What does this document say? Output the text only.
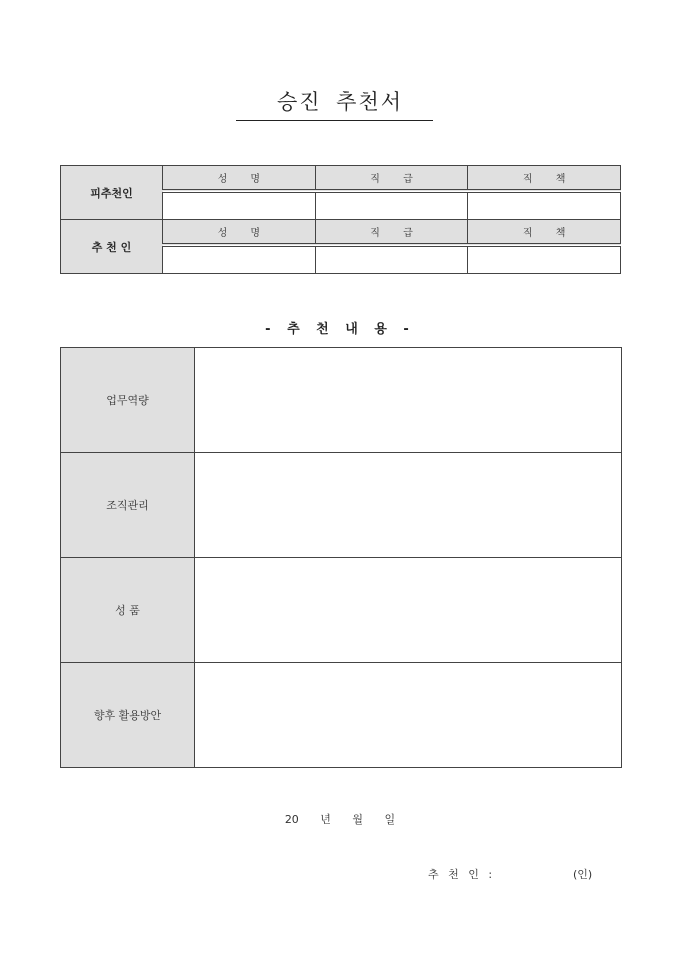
승진 추천서
피추천인	성 명	직 급	직 책

추 천 인	성 명	직 급	직 책

- 추 천 내 용 -
업무역량	
조직관리	
성 품	
향후 활용방안	
20 년 월 일
추 천 인 :	(인)
